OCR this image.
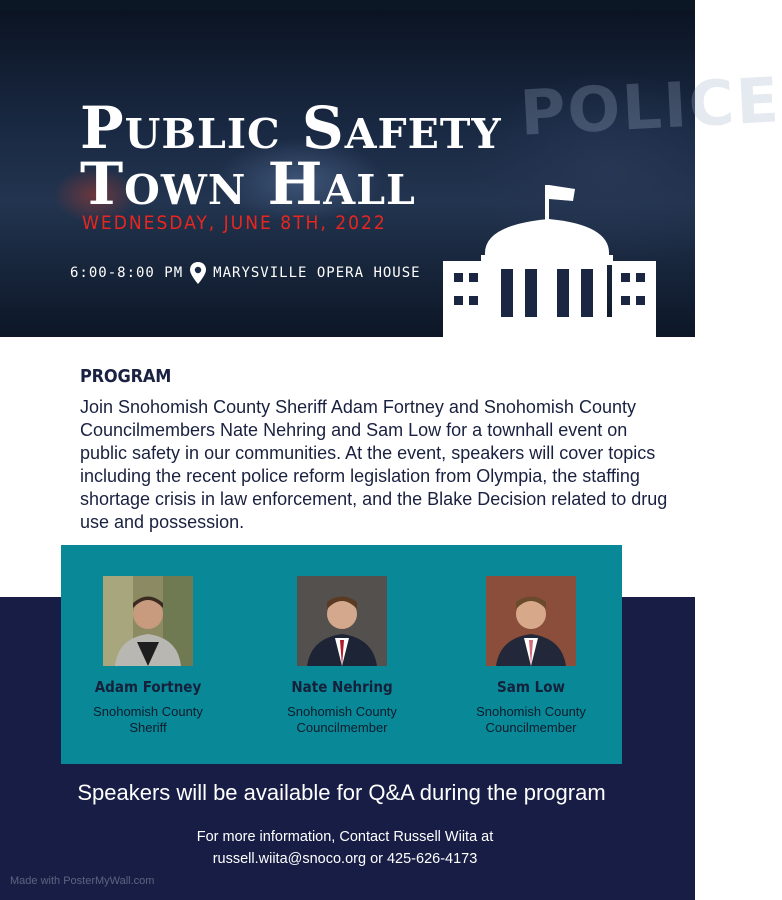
POLICE
Public Safety
Town Hall
WEDNESDAY, JUNE 8TH, 2022
6:00-8:00 PM MARYSVILLE OPERA HOUSE
PROGRAM

Join Snohomish County Sheriff Adam Fortney and Snohomish County Councilmembers Nate Nehring and Sam Low for a townhall event on public safety in our communities. At the event, speakers will cover topics including the recent police reform legislation from Olympia, the staffing shortage crisis in law enforcement, and the Blake Decision related to drug use and possession.

Adam Fortney
Snohomish County Sheriff
Nate Nehring
Snohomish County Councilmember
Sam Low
Snohomish County Councilmember
Speakers will be available for Q&A during the program
For more information, Contact Russell Wiita at
russell.wiita@snoco.org or 425-626-4173
Made with PosterMyWall.com
